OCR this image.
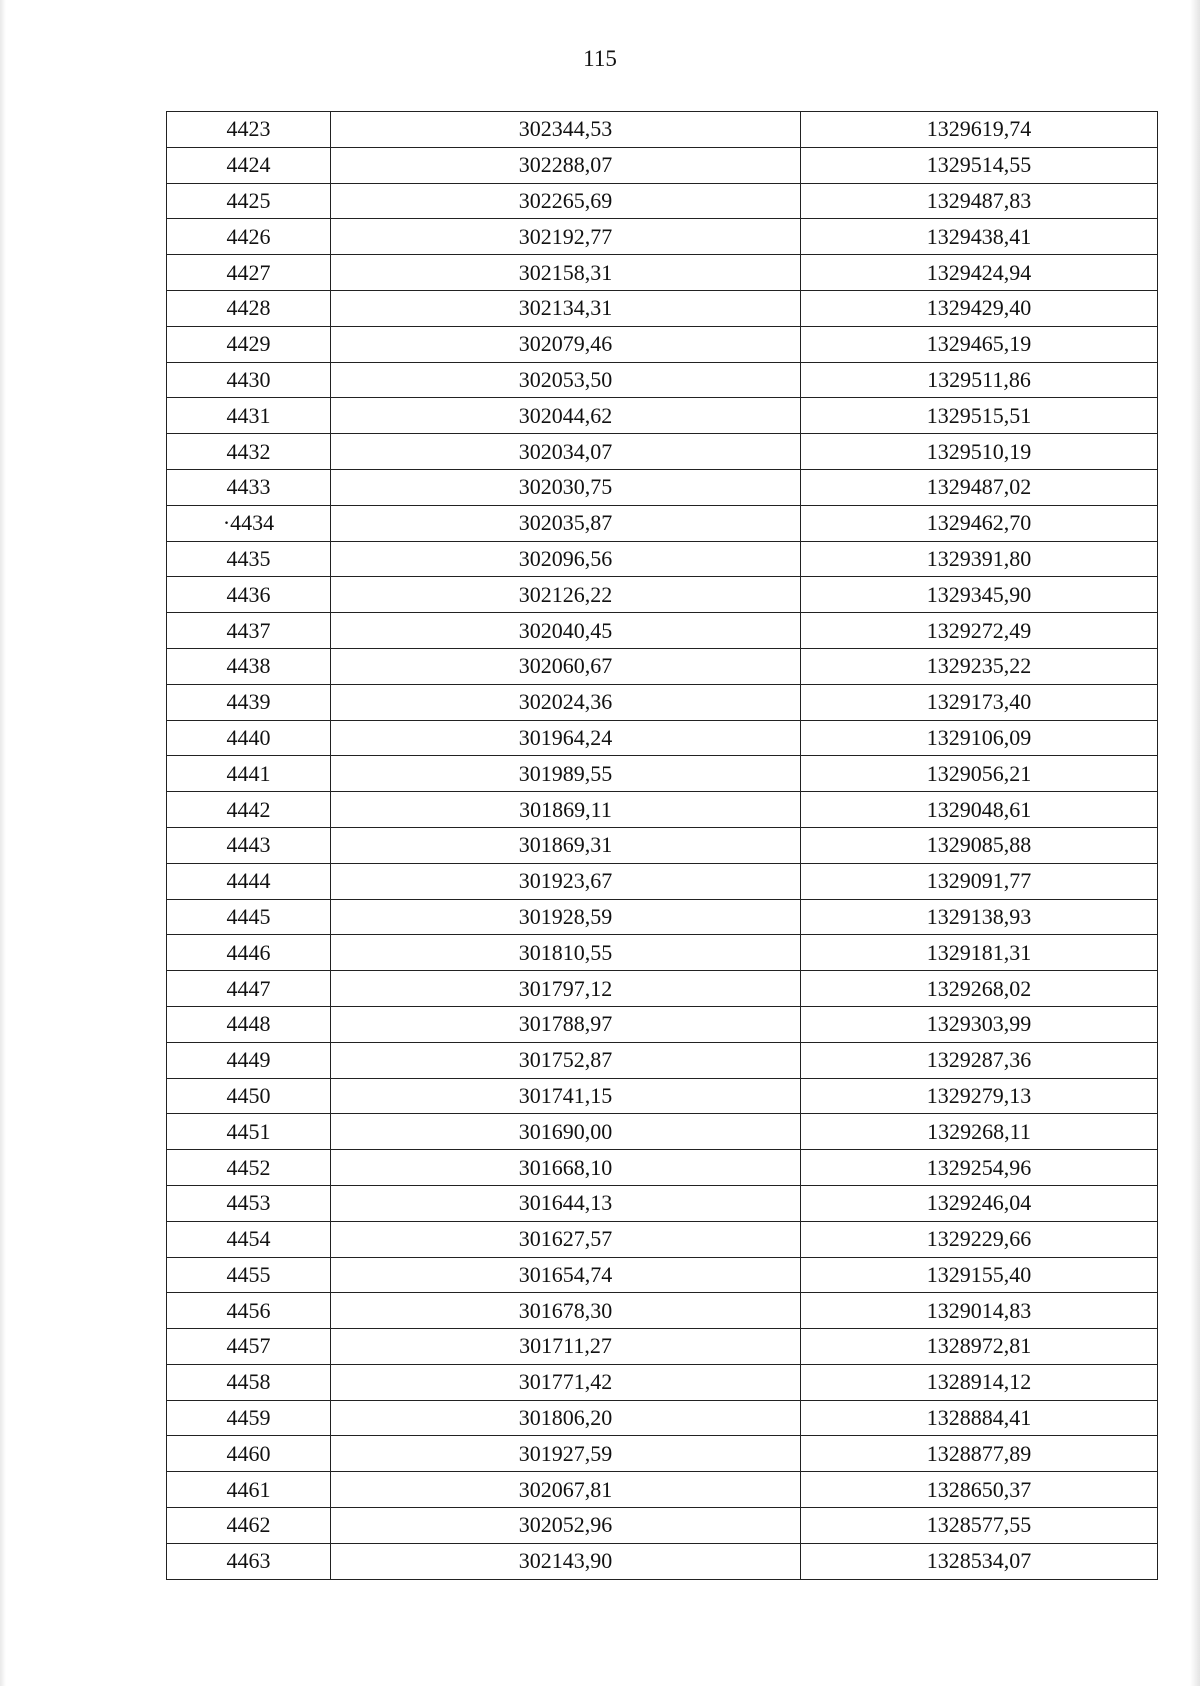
115
4423	302344,53	1329619,74
4424	302288,07	1329514,55
4425	302265,69	1329487,83
4426	302192,77	1329438,41
4427	302158,31	1329424,94
4428	302134,31	1329429,40
4429	302079,46	1329465,19
4430	302053,50	1329511,86
4431	302044,62	1329515,51
4432	302034,07	1329510,19
4433	302030,75	1329487,02
·4434	302035,87	1329462,70
4435	302096,56	1329391,80
4436	302126,22	1329345,90
4437	302040,45	1329272,49
4438	302060,67	1329235,22
4439	302024,36	1329173,40
4440	301964,24	1329106,09
4441	301989,55	1329056,21
4442	301869,11	1329048,61
4443	301869,31	1329085,88
4444	301923,67	1329091,77
4445	301928,59	1329138,93
4446	301810,55	1329181,31
4447	301797,12	1329268,02
4448	301788,97	1329303,99
4449	301752,87	1329287,36
4450	301741,15	1329279,13
4451	301690,00	1329268,11
4452	301668,10	1329254,96
4453	301644,13	1329246,04
4454	301627,57	1329229,66
4455	301654,74	1329155,40
4456	301678,30	1329014,83
4457	301711,27	1328972,81
4458	301771,42	1328914,12
4459	301806,20	1328884,41
4460	301927,59	1328877,89
4461	302067,81	1328650,37
4462	302052,96	1328577,55
4463	302143,90	1328534,07
